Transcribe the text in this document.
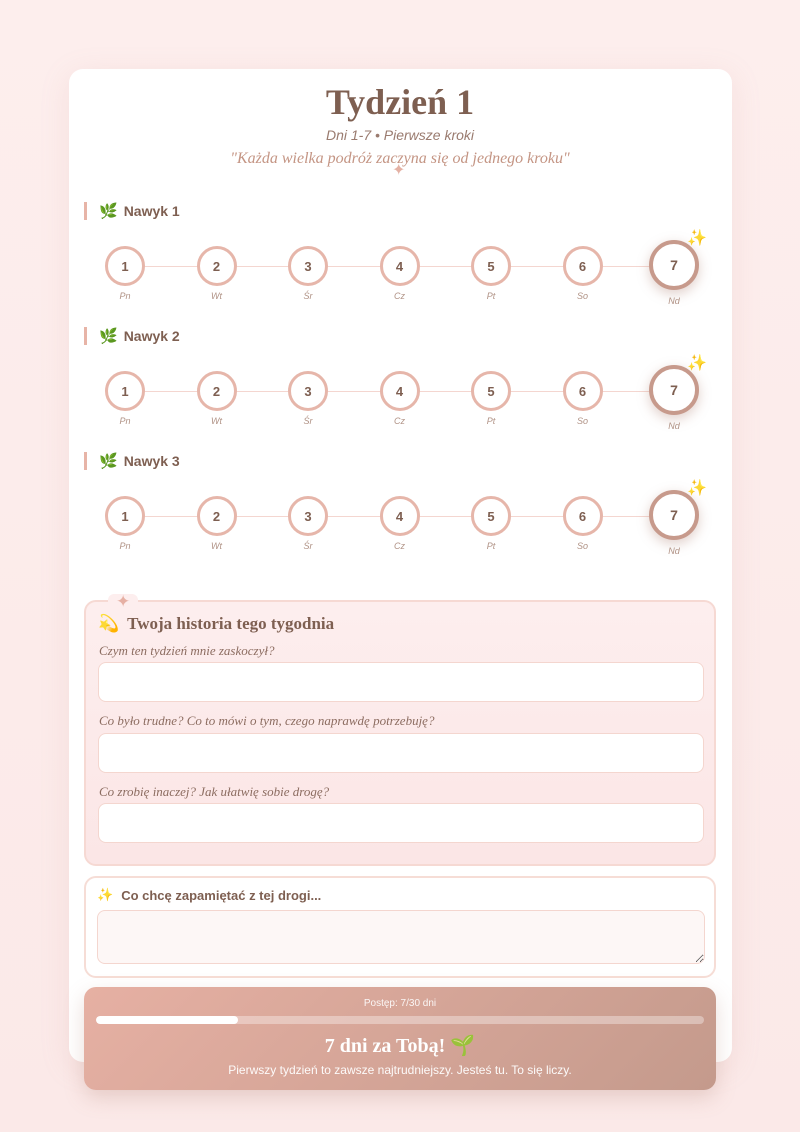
Tydzień 1
Dni 1-7 • Pierwsze kroki
"Każda wielka podróż zaczyna się od jednego kroku"
✦
🌿 Nawyk 1
1
Pn
2
Wt
3
Śr
4
Cz
5
Pt
6
So
7
Nd
✨
🌿 Nawyk 2
1
Pn
2
Wt
3
Śr
4
Cz
5
Pt
6
So
7
Nd
✨
🌿 Nawyk 3
1
Pn
2
Wt
3
Śr
4
Cz
5
Pt
6
So
7
Nd
✨
✦
💫 Twoja historia tego tygodnia
Czym ten tydzień mnie zaskoczył?
Co było trudne? Co to mówi o tym, czego naprawdę potrzebuję?
Co zrobię inaczej? Jak ułatwię sobie drogę?
✨ Co chcę zapamiętać z tej drogi...
Postęp: 7/30 dni
7 dni za Tobą! 🌱
Pierwszy tydzień to zawsze najtrudniejszy. Jesteś tu. To się liczy.
